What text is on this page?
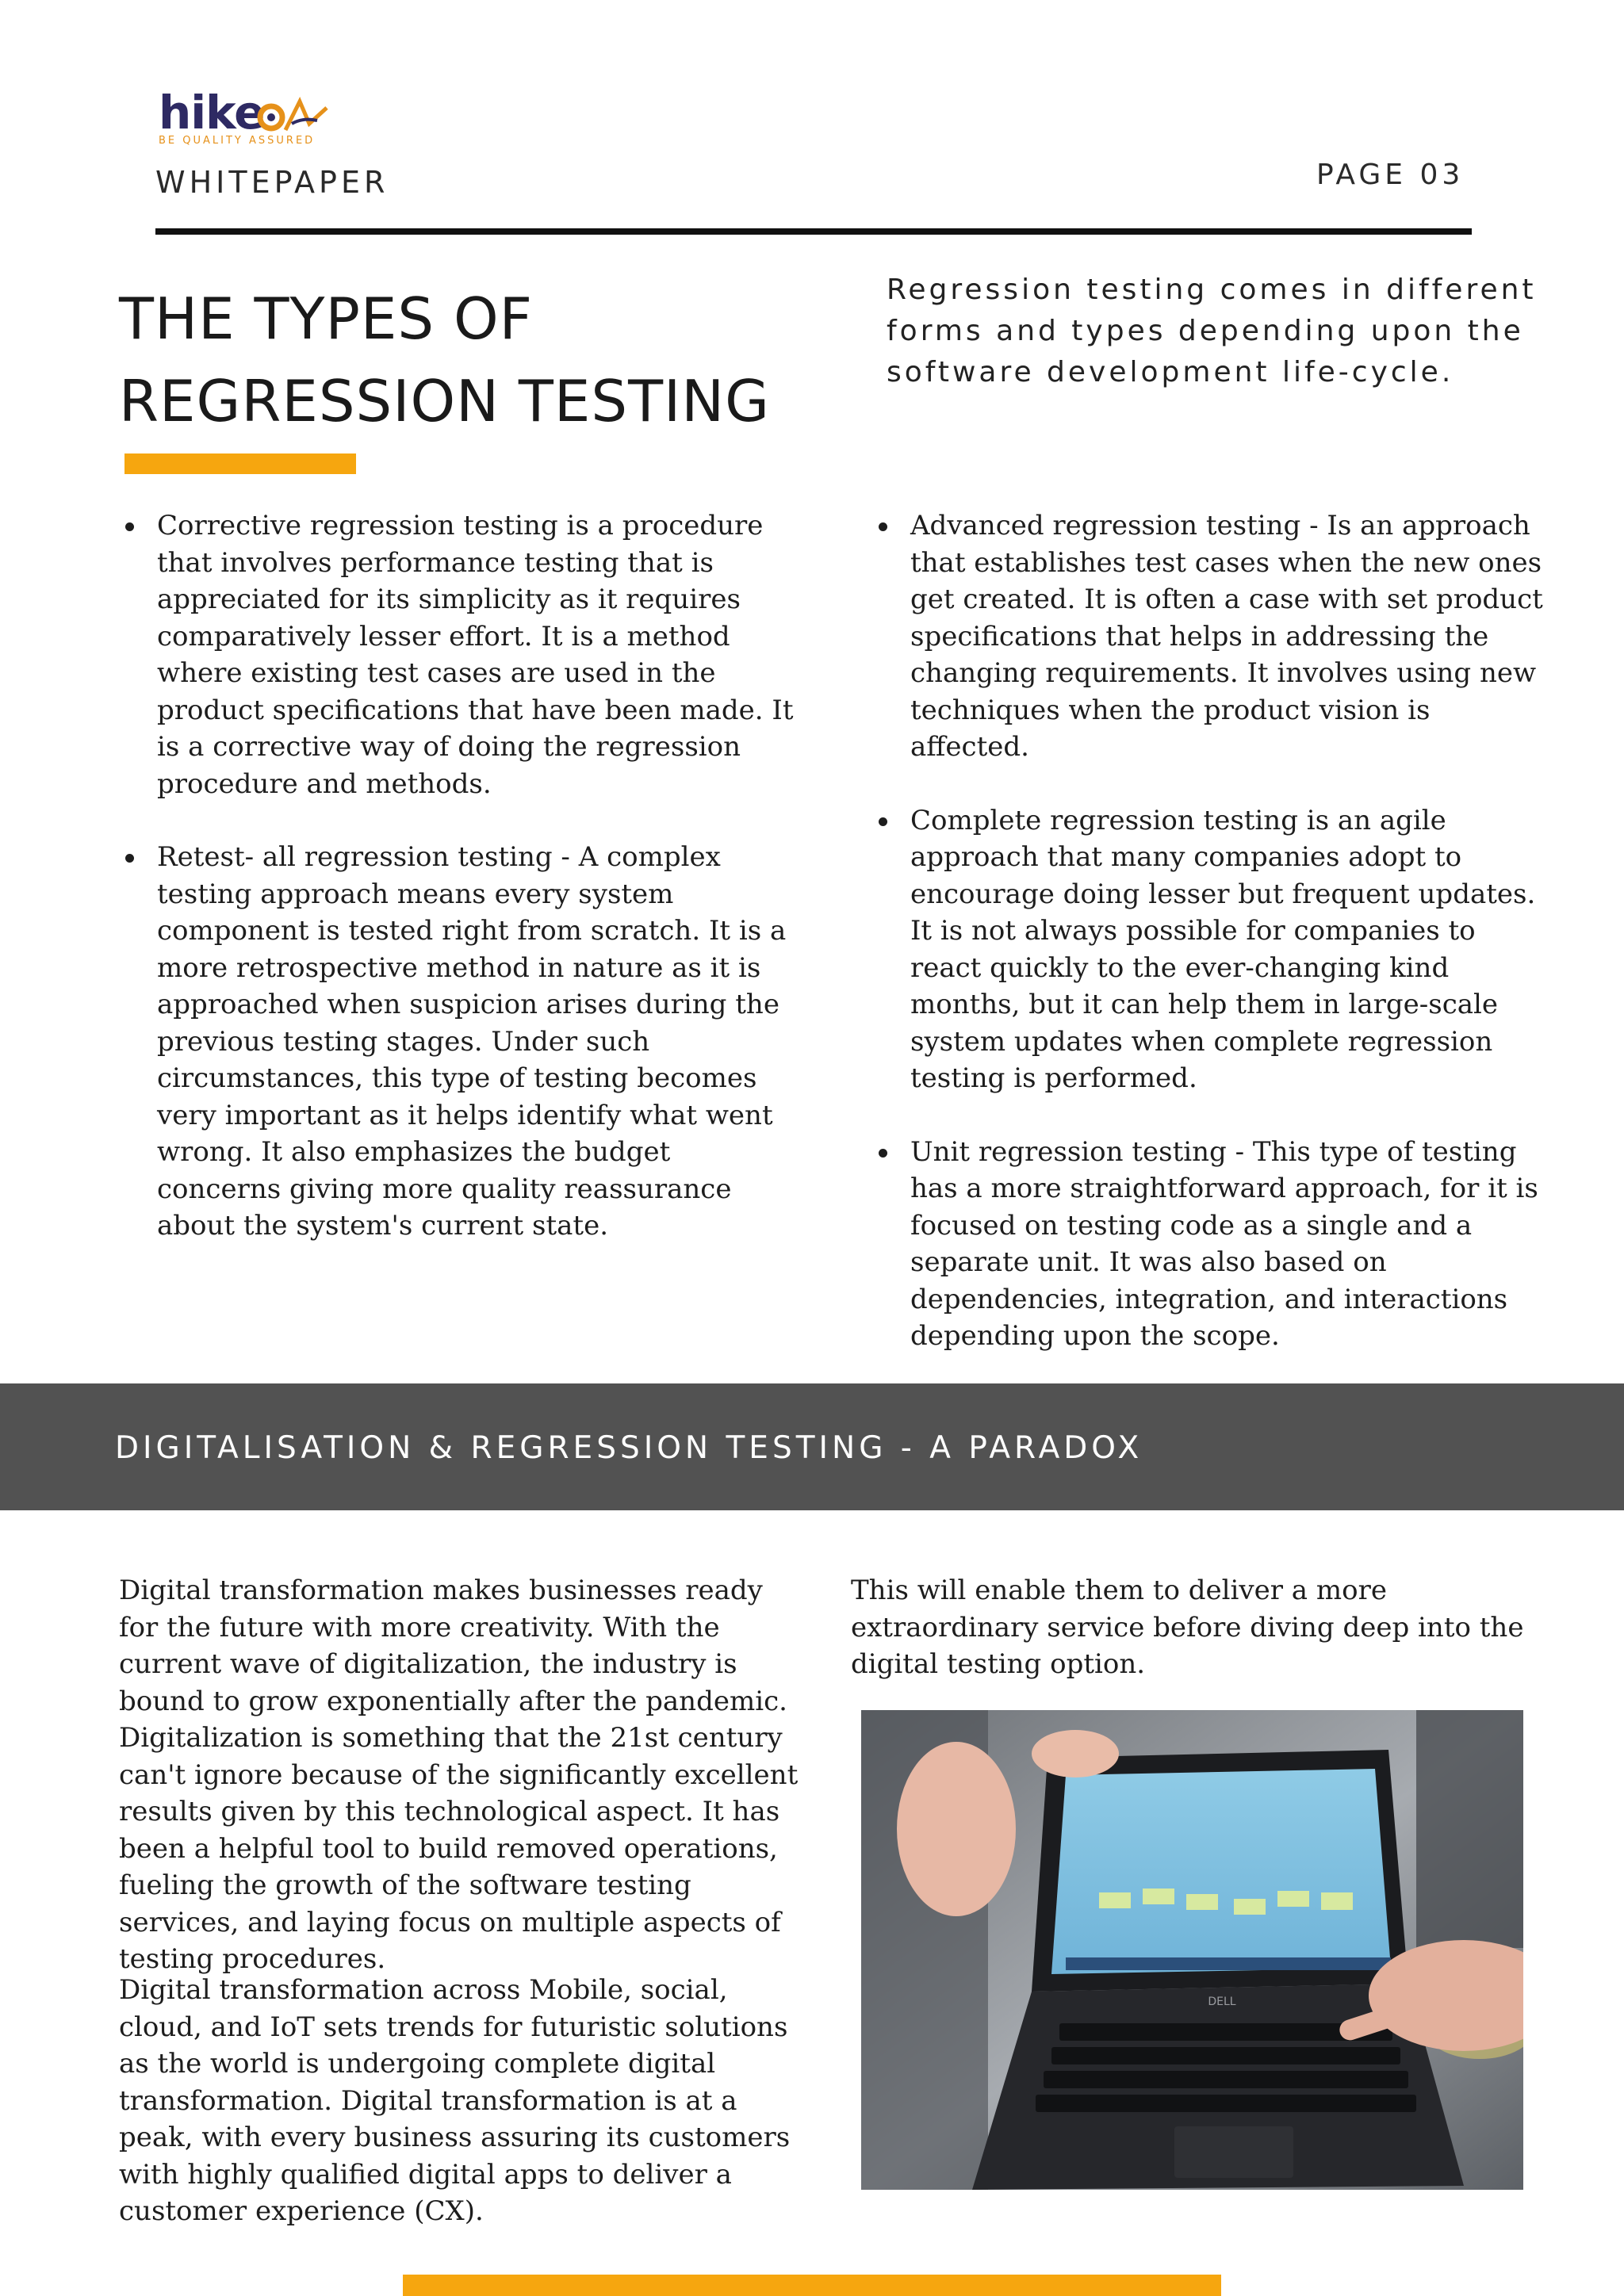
hike
BE QUALITY ASSURED
WHITEPAPER	PAGE 03
THE TYPES OF
REGRESSION TESTING
Regression testing comes in different forms and types depending upon the software development life-cycle.
Corrective regression testing is a procedure that involves performance testing that is appreciated for its simplicity as it requires comparatively lesser effort. It is a method where existing test cases are used in the product specifications that have been made. It is a corrective way of doing the regression procedure and methods.
Retest- all regression testing - A complex testing approach means every system component is tested right from scratch. It is a more retrospective method in nature as it is approached when suspicion arises during the previous testing stages. Under such circumstances, this type of testing becomes very important as it helps identify what went wrong. It also emphasizes the budget concerns giving more quality reassurance about the system's current state.
Advanced regression testing - Is an approach that establishes test cases when the new ones get created. It is often a case with set product specifications that helps in addressing the changing requirements. It involves using new techniques when the product vision is affected.
Complete regression testing is an agile approach that many companies adopt to encourage doing lesser but frequent updates. It is not always possible for companies to react quickly to the ever-changing kind months, but it can help them in large-scale system updates when complete regression testing is performed.
Unit regression testing - This type of testing has a more straightforward approach, for it is focused on testing code as a single and a separate unit. It was also based on dependencies, integration, and interactions depending upon the scope.
DIGITALISATION & REGRESSION TESTING - A PARADOX

Digital transformation makes businesses ready for the future with more creativity. With the current wave of digitalization, the industry is bound to grow exponentially after the pandemic. Digitalization is something that the 21st century can't ignore because of the significantly excellent results given by this technological aspect. It has been a helpful tool to build removed operations, fueling the growth of the software testing services, and laying focus on multiple aspects of testing procedures.

Digital transformation across Mobile, social, cloud, and IoT sets trends for futuristic solutions as the world is undergoing complete digital transformation. Digital transformation is at a peak, with every business assuring its customers with highly qualified digital apps to deliver a customer experience (CX).

This will enable them to deliver a more extraordinary service before diving deep into the digital testing option.

DELL
